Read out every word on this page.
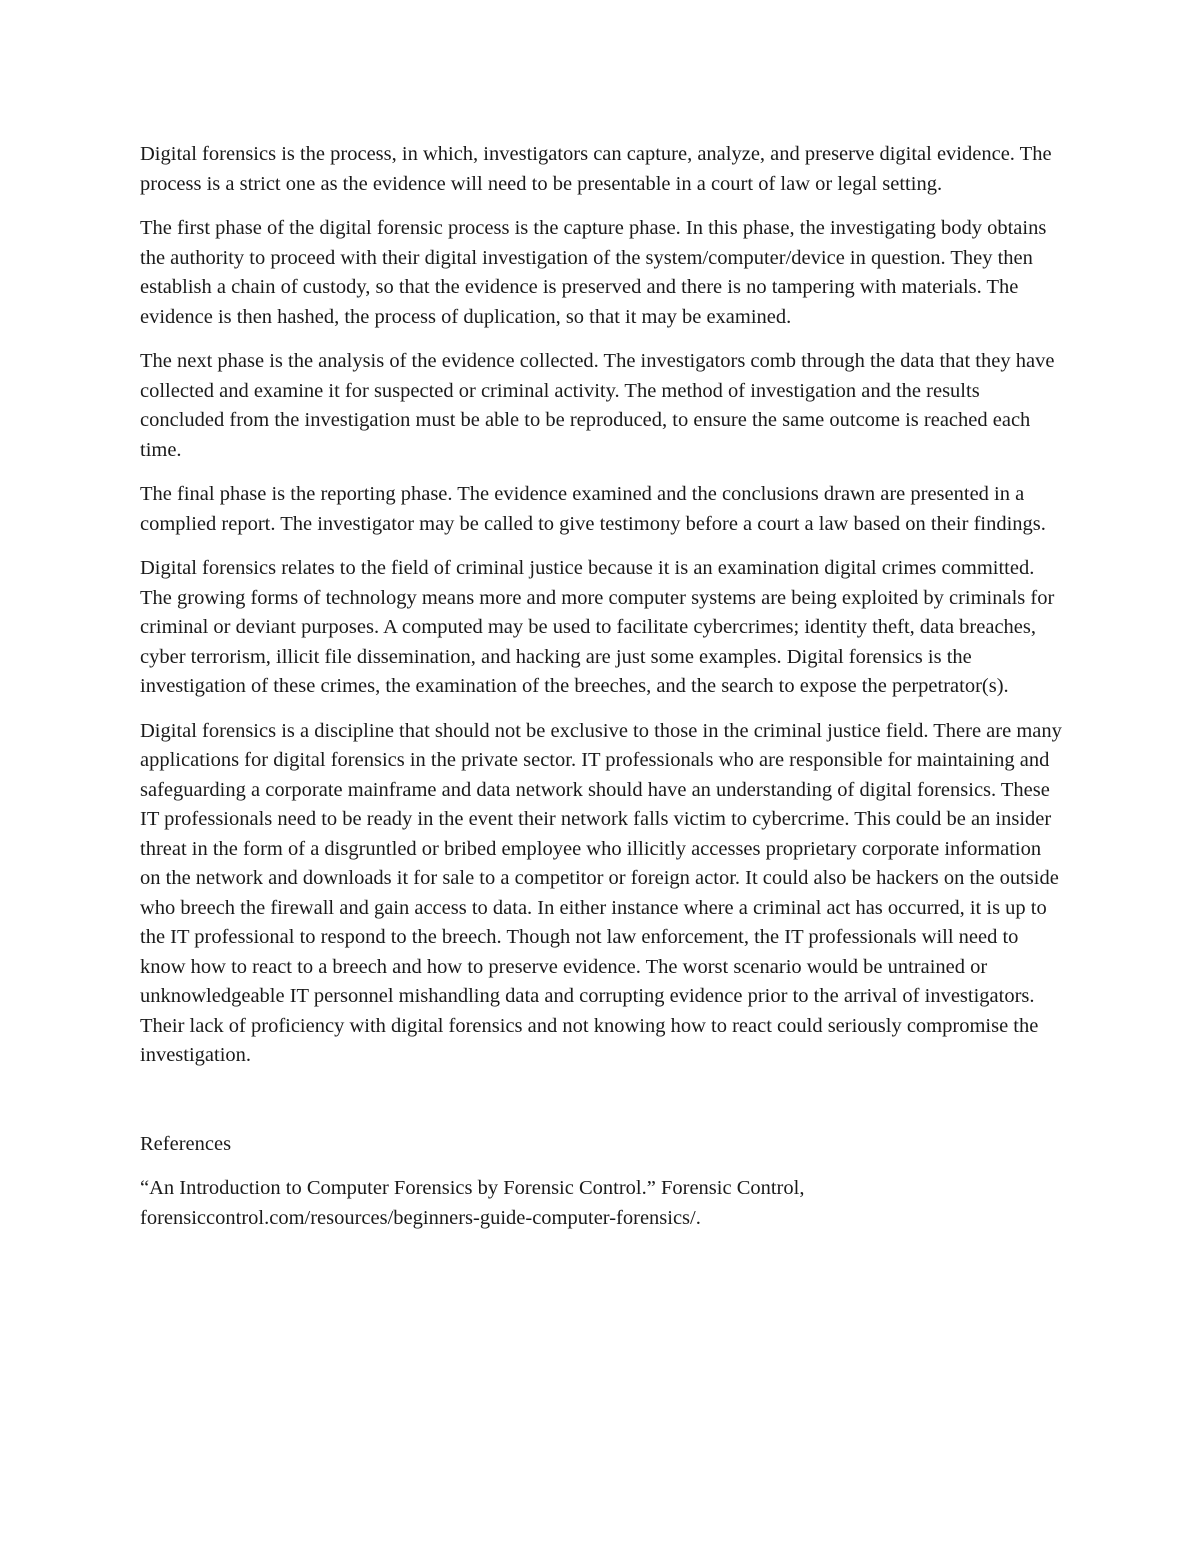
Digital forensics is the process, in which, investigators can capture, analyze, and preserve digital evidence. The process is a strict one as the evidence will need to be presentable in a court of law or legal setting.

The first phase of the digital forensic process is the capture phase. In this phase, the investigating body obtains the authority to proceed with their digital investigation of the system/computer/device in question. They then establish a chain of custody, so that the evidence is preserved and there is no tampering with materials. The evidence is then hashed, the process of duplication, so that it may be examined.

The next phase is the analysis of the evidence collected. The investigators comb through the data that they have collected and examine it for suspected or criminal activity. The method of investigation and the results concluded from the investigation must be able to be reproduced, to ensure the same outcome is reached each time.

The final phase is the reporting phase. The evidence examined and the conclusions drawn are presented in a complied report. The investigator may be called to give testimony before a court a law based on their findings.

Digital forensics relates to the field of criminal justice because it is an examination digital crimes committed. The growing forms of technology means more and more computer systems are being exploited by criminals for criminal or deviant purposes. A computed may be used to facilitate cybercrimes; identity theft, data breaches, cyber terrorism, illicit file dissemination, and hacking are just some examples. Digital forensics is the investigation of these crimes, the examination of the breeches, and the search to expose the perpetrator(s).

Digital forensics is a discipline that should not be exclusive to those in the criminal justice field. There are many applications for digital forensics in the private sector. IT professionals who are responsible for maintaining and safeguarding a corporate mainframe and data network should have an understanding of digital forensics. These IT professionals need to be ready in the event their network falls victim to cybercrime. This could be an insider threat in the form of a disgruntled or bribed employee who illicitly accesses proprietary corporate information on the network and downloads it for sale to a competitor or foreign actor. It could also be hackers on the outside who breech the firewall and gain access to data. In either instance where a criminal act has occurred, it is up to the IT professional to respond to the breech. Though not law enforcement, the IT professionals will need to know how to react to a breech and how to preserve evidence. The worst scenario would be untrained or unknowledgeable IT personnel mishandling data and corrupting evidence prior to the arrival of investigators. Their lack of proficiency with digital forensics and not knowing how to react could seriously compromise the investigation.

References

“An Introduction to Computer Forensics by Forensic Control.” Forensic Control, forensiccontrol.com/resources/beginners-guide-computer-forensics/.
